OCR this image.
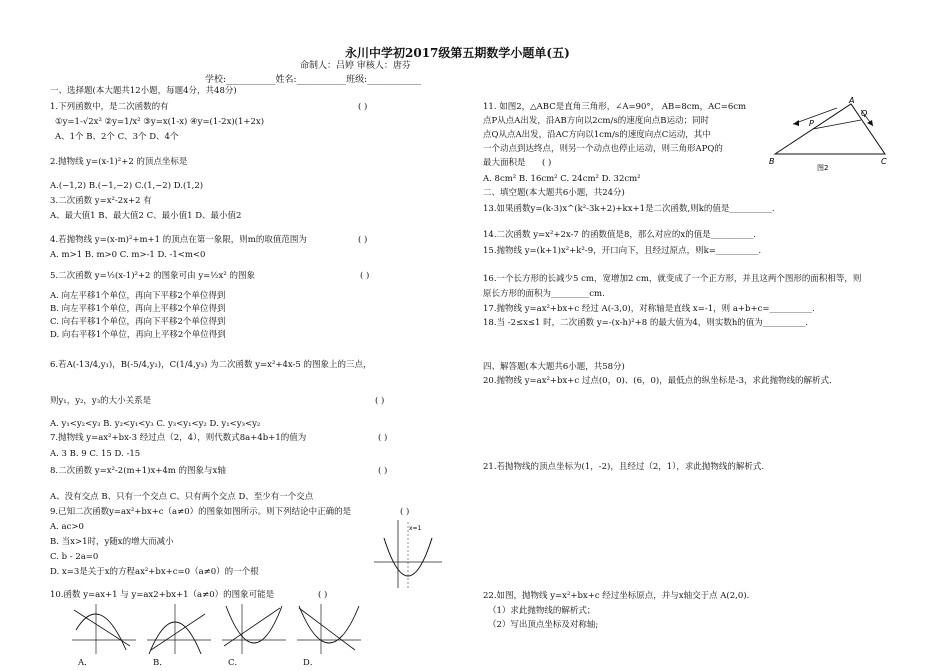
永川中学初2017级第五期数学小题单(五)
命制人：吕婷 审核人：唐芬
学校:___________姓名:___________班级:____________
一、选择题(本大题共12小题，每题4分，共48分)
1.下列函数中，是二次函数的有	( )
①y=1-√2x² ②y=1/x² ③y=x(1-x) ④y=(1-2x)(1+2x)
A、1个 B、2个 C、3个 D、4个
2.抛物线 y=(x-1)²+2 的顶点坐标是
A.(−1,2) B.(−1,−2) C.(1,−2) D.(1,2)
3.二次函数 y=x²-2x+2 有
A、最大值1 B、最大值2 C、最小值1 D、最小值2
4.若抛物线 y=(x-m)²+m+1 的顶点在第一象限，则m的取值范围为	( )
A. m>1 B. m>0 C. m>-1 D. -1<m<0
5.二次函数 y=½(x-1)²+2 的图象可由 y=½x² 的图象	( )
A. 向左平移1个单位，再向下平移2个单位得到
B. 向左平移1个单位，再向上平移2个单位得到
C. 向右平移1个单位，再向下平移2个单位得到
D. 向右平移1个单位，再向上平移2个单位得到
6.若A(-13/4,y₁)，B(-5/4,y₂)，C(1/4,y₃) 为二次函数 y=x²+4x-5 的图象上的三点，
则y₁，y₂，y₃的大小关系是	( )
A. y₁<y₂<y₃ B. y₂<y₁<y₃ C. y₃<y₁<y₂ D. y₁<y₃<y₂
7.抛物线 y=ax²+bx-3 经过点（2，4），则代数式8a+4b+1的值为	( )
A. 3 B. 9 C. 15 D. -15
8.二次函数 y=x²-2(m+1)x+4m 的图象与x轴	( )
A、没有交点 B、只有一个交点 C、只有两个交点 D、至少有一个交点
9.已知二次函数y=ax²+bx+c（a≠0）的图象如图所示。则下列结论中正确的是	( )
A. ac>0
B. 当x>1时，y随x的增大而减小
C. b - 2a=0
D. x=3是关于x的方程ax²+bx+c=0（a≠0）的一个根
x=1
10.函数 y=ax+1 与 y=ax2+bx+1（a≠0）的图象可能是	( )
A．	B．	C．	D．
11. 如图2，△ABC是直角三角形，∠A=90°， AB=8cm，AC=6cm
点P从点A出发，沿AB方向以2cm/s的速度向点B运动；同时
点Q从点A出发，沿AC方向以1cm/s的速度向点C运动，其中
一个动点到达终点，则另一个动点也停止运动，则三角形APQ的
最大面积是 ( )
A. 8cm² B. 16cm² C. 24cm² D. 32cm²
A
B	C
P
Q
图2
二、填空题(本大题共6小题，共24分)
13.如果函数y=(k-3)x^(k²-3k+2)+kx+1是二次函数,则k的值是__________.
14.二次函数 y=x²+2x-7 的函数值是8，那么对应的x的值是__________.
15.抛物线 y=(k+1)x²+k²-9，开口向下，且经过原点，则k=__________.
16.一个长方形的长减少5 cm，宽增加2 cm，就变成了一个正方形，并且这两个图形的面积相等，则
原长方形的面积为_________cm.
17.抛物线 y=ax²+bx+c 经过 A(-3,0)，对称轴是直线 x=-1，则 a+b+c=__________.
18.当 -2≤x≤1 时，二次函数 y=-(x-h)²+8 的最大值为4，则实数h的值为__________.
四、解答题(本大题共6小题，共58分)
20.抛物线 y=ax²+bx+c 过点(0，0)、(6，0)，最低点的纵坐标是-3，求此抛物线的解析式.
21.若抛物线的顶点坐标为(1，-2)，且经过（2，1），求此抛物线的解析式.
22.如图，抛物线 y=x²+bx+c 经过坐标原点，并与x轴交于点 A(2,0).
（1）求此抛物线的解析式；
（2）写出顶点坐标及对称轴;
